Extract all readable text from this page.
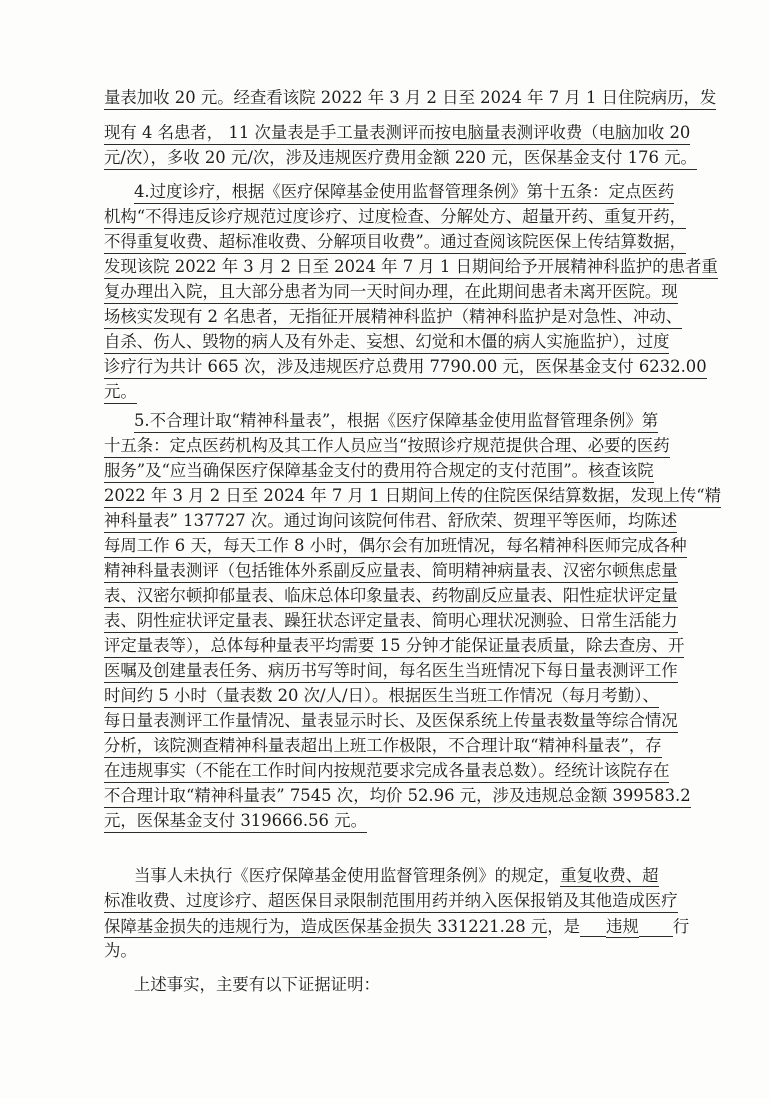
量表加收 20 元。经查看该院 2022 年 3 月 2 日至 2024 年 7 月 1 日住院病历，发
现有 4 名患者， 11 次量表是手工量表测评而按电脑量表测评收费（电脑加收 20
元/次），多收 20 元/次，涉及违规医疗费用金额 220 元，医保基金支付 176 元。
4.过度诊疗，根据《医疗保障基金使用监督管理条例》第十五条：定点医药
机构“不得违反诊疗规范过度诊疗、过度检查、分解处方、超量开药、重复开药，
不得重复收费、超标准收费、分解项目收费”。通过查阅该院医保上传结算数据，
发现该院 2022 年 3 月 2 日至 2024 年 7 月 1 日期间给予开展精神科监护的患者重
复办理出入院，且大部分患者为同一天时间办理，在此期间患者未离开医院。现
场核实发现有 2 名患者，无指征开展精神科监护（精神科监护是对急性、冲动、
自杀、伤人、毁物的病人及有外走、妄想、幻觉和木僵的病人实施监护），过度
诊疗行为共计 665 次，涉及违规医疗总费用 7790.00 元，医保基金支付 6232.00
元。
5.不合理计取“精神科量表”，根据《医疗保障基金使用监督管理条例》第
十五条：定点医药机构及其工作人员应当“按照诊疗规范提供合理、必要的医药
服务”及“应当确保医疗保障基金支付的费用符合规定的支付范围”。核查该院
2022 年 3 月 2 日至 2024 年 7 月 1 日期间上传的住院医保结算数据，发现上传“精
神科量表” 137727 次。通过询问该院何伟君、舒欣荣、贺理平等医师，均陈述
每周工作 6 天，每天工作 8 小时，偶尔会有加班情况，每名精神科医师完成各种
精神科量表测评（包括锥体外系副反应量表、简明精神病量表、汉密尔顿焦虑量
表、汉密尔顿抑郁量表、临床总体印象量表、药物副反应量表、阳性症状评定量
表、阴性症状评定量表、躁狂状态评定量表、简明心理状况测验、日常生活能力
评定量表等），总体每种量表平均需要 15 分钟才能保证量表质量，除去查房、开
医嘱及创建量表任务、病历书写等时间，每名医生当班情况下每日量表测评工作
时间约 5 小时（量表数 20 次/人/日）。根据医生当班工作情况（每月考勤）、
每日量表测评工作量情况、量表显示时长、及医保系统上传量表数量等综合情况
分析，该院测查精神科量表超出上班工作极限，不合理计取“精神科量表”，存
在违规事实（不能在工作时间内按规范要求完成各量表总数）。经统计该院存在
不合理计取“精神科量表” 7545 次，均价 52.96 元，涉及违规总金额 399583.2
元，医保基金支付 319666.56 元。
当事人未执行《医疗保障基金使用监督管理条例》的规定，重复收费、超
标准收费、过度诊疗、超医保目录限制范围用药并纳入医保报销及其他造成医疗
保障基金损失的违规行为，造成医保基金损失 331221.28 元，是 违规 行
为。
上述事实，主要有以下证据证明：
